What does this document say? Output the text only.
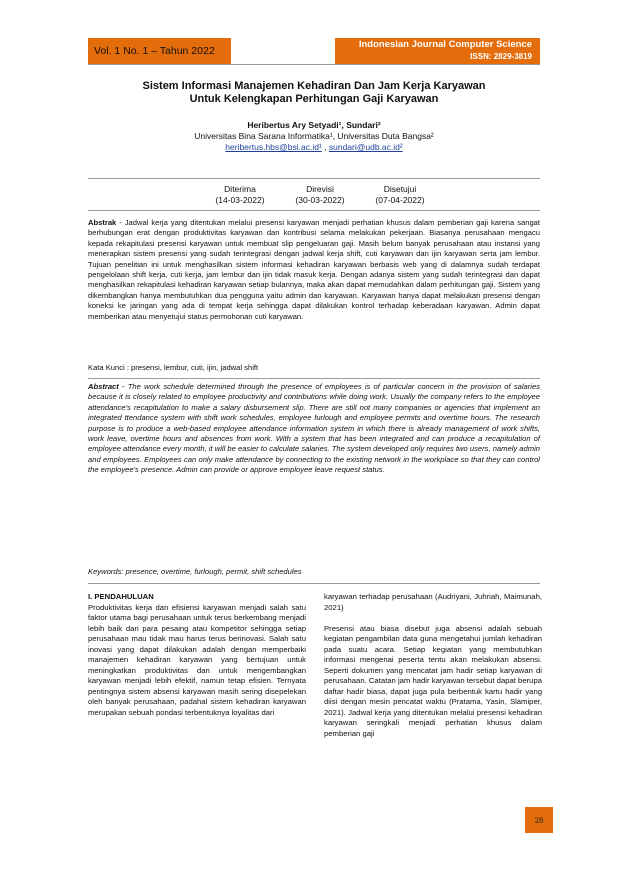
Vol. 1 No. 1 – Tahun 2022
Indonesian Journal Computer Science
ISSN: 2829-3819
Sistem Informasi Manajemen Kehadiran Dan Jam Kerja Karyawan
Untuk Kelengkapan Perhitungan Gaji Karyawan
Heribertus Ary Setyadi¹, Sundari²
Universitas Bina Sarana Informatika¹, Universitas Duta Bangsa²
heribertus.hbs@bsi.ac.id¹ , sundari@udb.ac.id²
Diterima
(14-03-2022)
Direvisi
(30-03-2022)
Disetujui
(07-04-2022)
Abstrak - Jadwal kerja yang ditentukan melalui presensi karyawan menjadi perhatian khusus dalam pemberian gaji karena sangat berhubungan erat dengan produktivitas karyawan dan kontribusi selama melakukan pekerjaan. Biasanya perusahaan mengacu kepada rekapitulasi presensi karyawan untuk membuat slip pengeluaran gaji. Masih belum banyak perusahaan atau instansi yang menerapkan sistem presensi yang sudah terintegrasi dengan jadwal kerja shift, cuti karyawan dan ijin karyawan serta jam lembur. Tujuan penelitian ini untuk menghasilkan sistem informasi kehadiran karyawan berbasis web yang di dalamnya sudah terdapat pengelolaan shift kerja, cuti kerja, jam lembur dan ijin tidak masuk kerja. Dengan adanya sistem yang sudah terintegrasi dan dapat menghasilkan rekapitulasi kehadiran karyawan setiap bulannya, maka akan dapat memudahkan dalam perhitungan gaji. Sistem yang dikembangkan hanya membutuhkan dua pengguna yaitu admin dan karyawan. Karyawan hanya dapat melakukan presensi dengan koneksi ke jaringan yang ada di tempat kerja sehingga dapat dilakukan kontrol terhadap keberadaan karyawan. Admin dapat memberikan atau menyetujui status permohonan cuti karyawan.
Kata Kunci : presensi, lembur, cuti, ijin, jadwal shift
Abstract - The work schedule determined through the presence of employees is of particular concern in the provision of salaries because it is closely related to employee productivity and contributions while doing work. Usually the company refers to the employee attendance's recapitulation to make a salary disbursement slip. There are still not many companies or agencies that implement an integrated ttendance system with shift work schedules, employee furlough and employee permits and overtime hours. The research purpose is to produce a web-based employee attendance information system in which there is already management of work shifts, work leave, overtime hours and absences from work. With a system that has been integrated and can produce a recapitulation of employee attendance every month, it will be easier to calculate salaries. The system developed only requires two users, namely admin and employees. Employees can only make attendance by connecting to the existing network in the workplace so that they can control the employee's presence. Admin can provide or approve employee leave request status.
Keywords: presence, overtime, furlough, permit, shift schedules
I. PENDAHULUAN

Produktivitas kerja dan efisiensi karyawan menjadi salah satu faktor utama bagi perusahaan untuk terus berkembang menjadi lebih baik dari para pesaing atau kompetitor sehingga setiap perusahaan mau tidak mau harus terus berinovasi. Salah satu inovasi yang dapat dilakukan adalah dengan memperbaiki manajemen kehadiran karyawan yang bertujuan untuk meningkatkan produktivitas dan untuk mengembangkan karyawan menjadi lebih efektif, namun tetap efisien. Ternyata pentingnya sistem absensi karyawan masih sering disepelekan oleh banyak perusahaan, padahal sistem kehadiran karyawan merupakan sebuah pondasi terbentuknya loyalitas dari

karyawan terhadap perusahaan (Audriyani, Juhriah, Maimunah, 2021)

Presensi atau biasa disebut juga absensi adalah sebuah kegiatan pengambilan data guna mengetahui jumlah kehadiran pada suatu acara. Setiap kegiatan yang membutuhkan informasi mengenai peserta tentu akan melakukan absensi. Seperti dokumen yang mencatat jam hadir setiap karyawan di perusahaan. Catatan jam hadir karyawan tersebut dapat berupa daftar hadir biasa, dapat juga pula berbentuk kartu hadir yang diisi dengan mesin pencatat waktu (Pratama, Yasin, Slamiper, 2021). Jadwal kerja yang ditentukan melalui presensi kehadiran karyawan seringkali menjadi perhatian khusus dalam pemberian gaji

28
